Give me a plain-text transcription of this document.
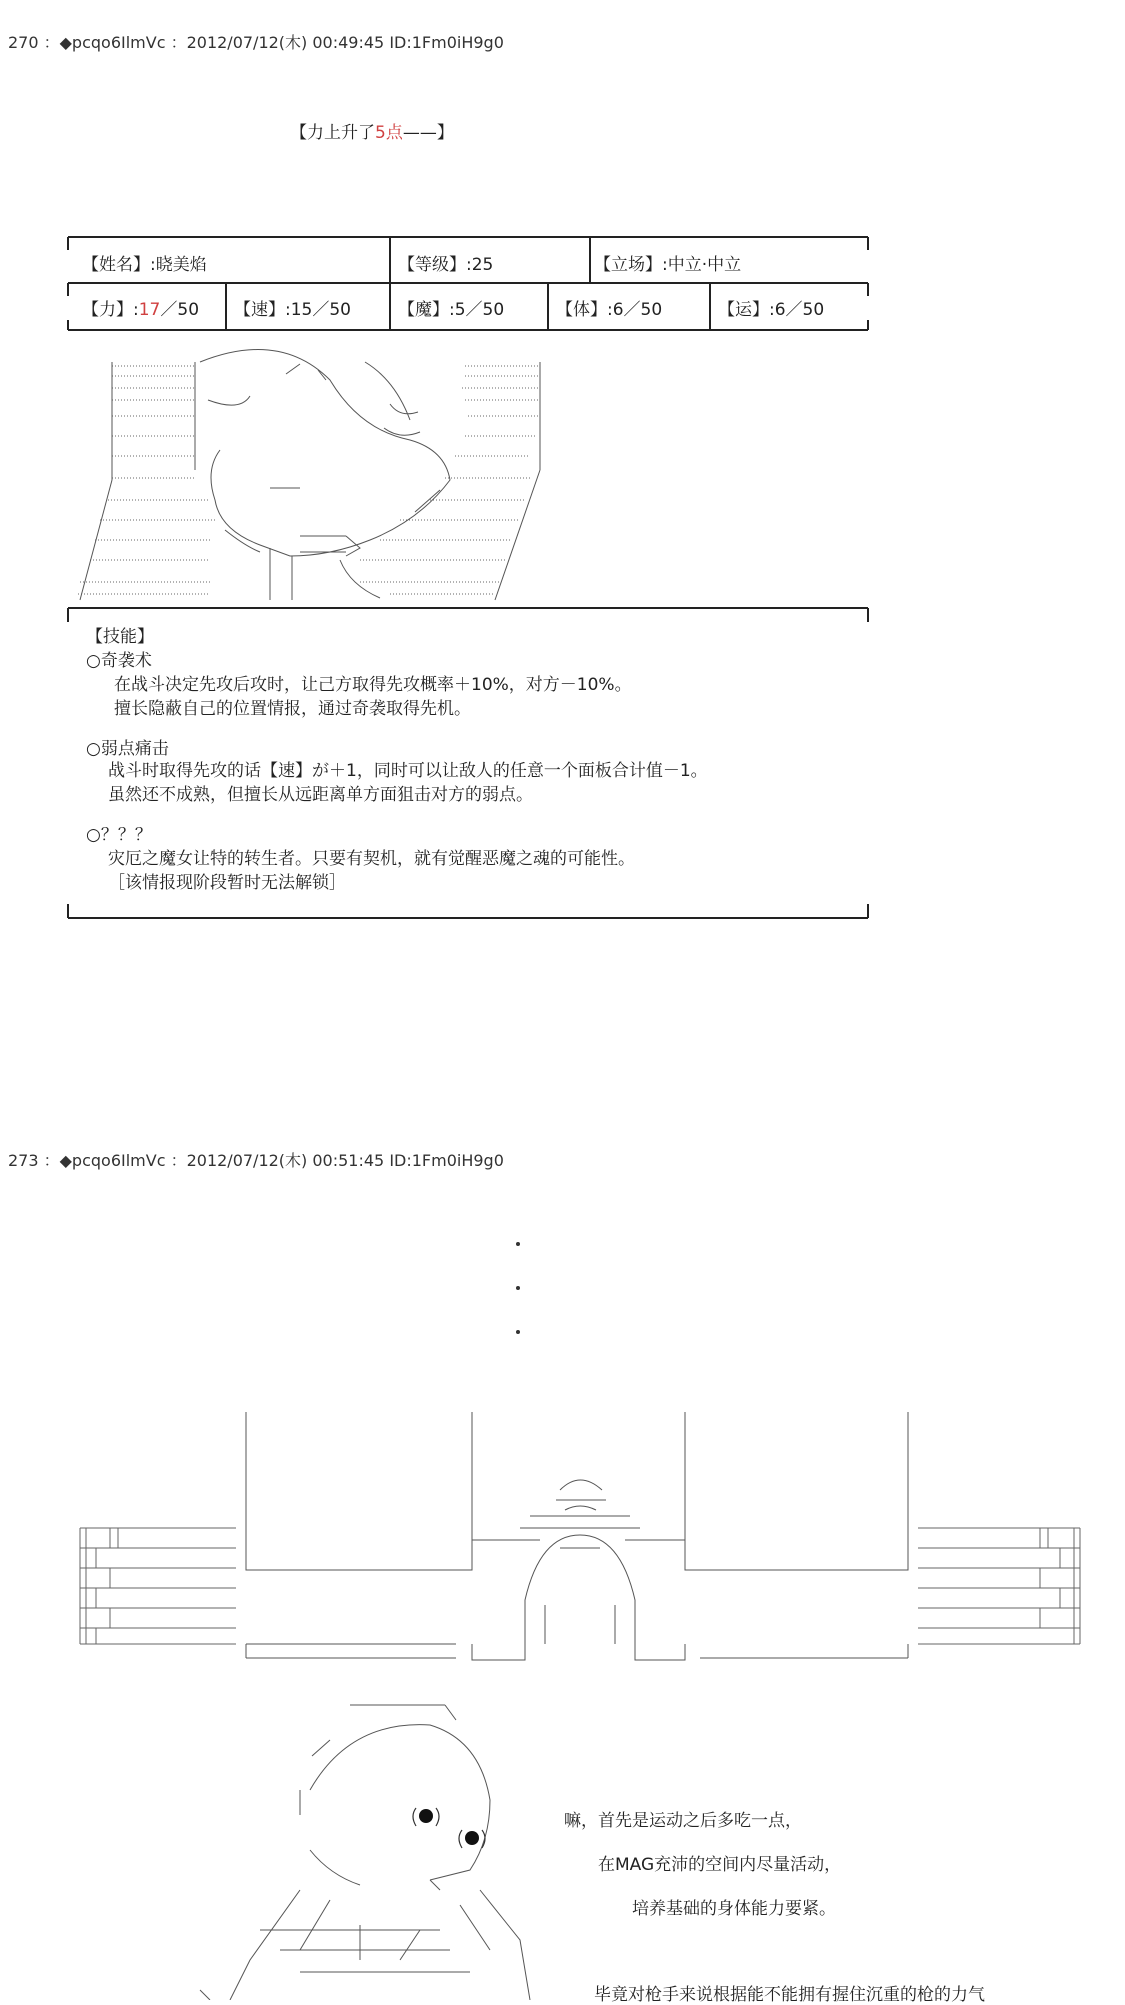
270 ：◆pcqo6IlmVc ：2012/07/12(木) 00:49:45 ID:1Fm0iH9g0
【力上升了5点——】
【姓名】:晓美焰	【等级】:25	【立场】:中立·中立
【力】:17／50 【速】:15／50	【魔】:5／50	【体】:6／50	【运】:6／50
【技能】
○奇袭术
在战斗决定先攻后攻时，让己方取得先攻概率＋10%，对方－10%。
擅长隐蔽自己的位置情报，通过奇袭取得先机。
○弱点痛击
战斗时取得先攻的话【速】が＋1，同时可以让敌人的任意一个面板合计值－1。
虽然还不成熟，但擅长从远距离单方面狙击对方的弱点。
○？？？
灾厄之魔女让特的转生者。只要有契机，就有觉醒恶魔之魂的可能性。
［该情报现阶段暂时无法解锁］
273 ：◆pcqo6IlmVc ：2012/07/12(木) 00:51:45 ID:1Fm0iH9g0
嘛，首先是运动之后多吃一点，
在MAG充沛的空间内尽量活动，
培养基础的身体能力要紧。
毕竟对枪手来说根据能不能拥有握住沉重的枪的力气
